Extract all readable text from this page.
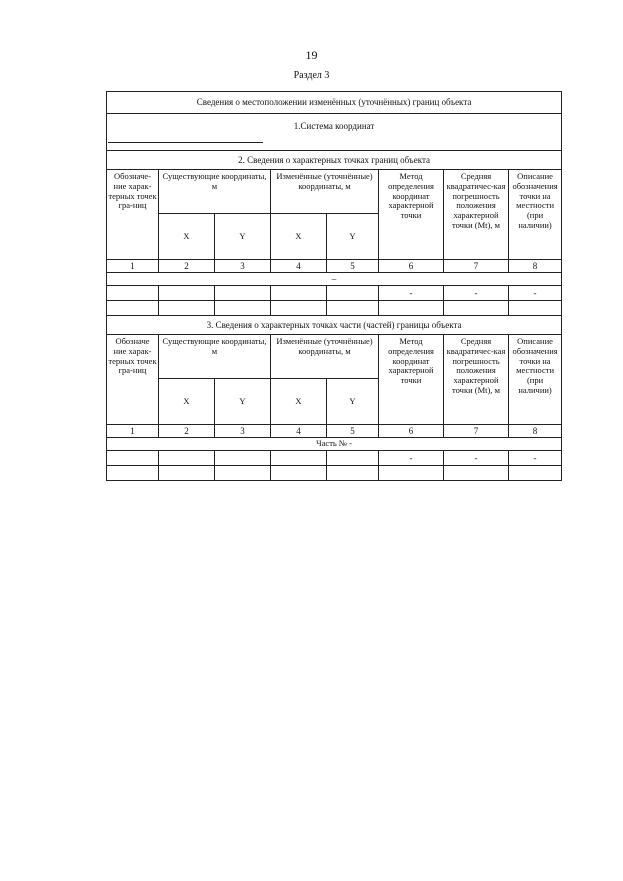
19
Раздел 3
Сведения о местоположении изменённых (уточнённых) границ объекта							
1.Система координат							

2. Сведения о характерных точках границ объекта							
Обозначе-ние харак-терных точек гра-ниц	Существующие координаты, м		Изменённые (уточнённые) координаты, м		Метод определения координат характерной точки	Средняя квадратичес-кая погрешность положения характерной точки (Mt), м	Описание обозначения точки на местности (при наличии)
	X	Y	X	Y			
1	2	3	4	5	6	7	8
–							
					-	-	-

3. Сведения о характерных точках части (частей) границы объекта							
Обозначе ние харак-терных точек гра-ниц	Существующие координаты, м		Изменённые (уточнённые) координаты, м		Метод определения координат характерной точки	Средняя квадратичес-кая погрешность положения характерной точки (Mt), м	Описание обозначения точки на местности (при наличии)
	X	Y	X	Y			
1	2	3	4	5	6	7	8
Часть № -							
					-	-	-
